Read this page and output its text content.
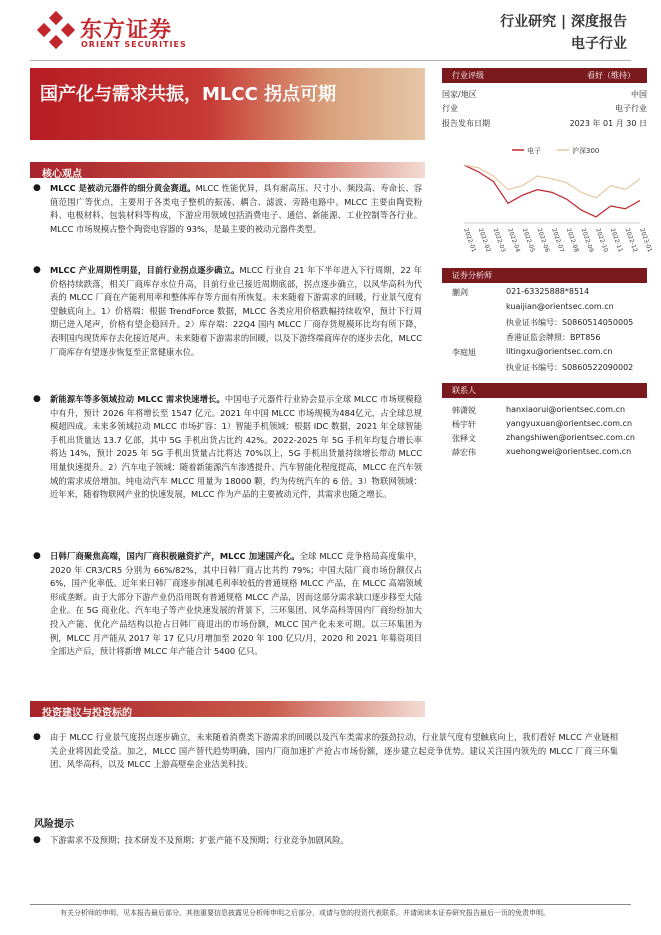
东方证券
ORIENT SECURITIES
行业研究 | 深度报告
电子行业
国产化与需求共振，MLCC 拐点可期
行业评级	看好（维持）
国家/地区	中国
行业	电子行业
报告发布日期	2023 年 01 月 30 日
电子	沪深300
2022-01 2022-02 2022-03 2022-04 2022-05 2022-06 2022-07 2022-08 2022-09 2022-10 2022-11 2022-12 2023-01
证券分析师
蒯剑	021-63325888*8514
kuaijian@orientsec.com.cn
执业证书编号：S0860514050005
香港证监会牌照：BPT856
李庭旭	litingxu@orientsec.com.cn
执业证书编号：S0860522090002
联系人
韩潇锐	hanxiaorui@orientsec.com.cn
杨宇轩	yangyuxuan@orientsec.com.cn
张释文	zhangshiwen@orientsec.com.cn
薛宏伟	xuehongwei@orientsec.com.cn
核心观点
● MLCC 是被动元器件的细分黄金赛道。MLCC 性能优异，具有耐高压、尺寸小、频段高、寿命长、容值范围广等优点，主要用于各类电子整机的振荡、耦合、滤波、旁路电路中。MLCC 主要由陶瓷粉料、电极材料、包装材料等构成，下游应用领域包括消费电子、通信、新能源、工业控制等各行业。MLCC 市场规模占整个陶瓷电容器的 93%，是最主要的被动元器件类型。
● MLCC 产业周期性明显，目前行业拐点逐步确立。MLCC 行业自 21 年下半年进入下行周期，22 年价格持续跌落，相关厂商库存水位升高，目前行业已接近周期底部，拐点逐步确立，以风华高科为代表的 MLCC 厂商在产能利用率和整体库存等方面有所恢复。未来随着下游需求的回暖，行业景气度有望触底向上。1）价格端：根据 TrendForce 数据，MLCC 各类应用价格跌幅持续收窄，预计下行周期已进入尾声，价格有望企稳回升。2）库存端：22Q4 国内 MLCC 厂商存货规模环比均有所下降，表明国内现货库存去化接近尾声。未来随着下游需求的回暖，以及下游终端商库存的逐步去化，MLCC 厂商库存有望逐步恢复至正常健康水位。
● 新能源车等多领域拉动 MLCC 需求快速增长。中国电子元器件行业协会显示全球 MLCC 市场规模稳中有升，预计 2026 年将增长至 1547 亿元。2021 年中国 MLCC 市场规模为484亿元，占全球总规模超四成。未来多领域拉动 MLCC 市场扩容：1）智能手机领域：根据 IDC 数据，2021 年全球智能手机出货量达 13.7 亿部，其中 5G 手机出货占比约 42%。2022-2025 年 5G 手机年均复合增长率将达 14%，预计 2025 年 5G 手机出货量占比将达 70%以上，5G 手机出货量持续增长带动 MLCC 用量快速提升。2）汽车电子领域：随着新能源汽车渗透提升、汽车智能化程度提高，MLCC 在汽车领域的需求成倍增加。纯电动汽车 MLCC 用量为 18000 颗，约为传统汽车的 6 倍。3）物联网领域：近年来，随着物联网产业的快速发展，MLCC 作为产品的主要被动元件，其需求也随之增长。
● 日韩厂商聚焦高端，国内厂商积极融资扩产，MLCC 加速国产化。全球 MLCC 竞争格局高度集中，2020 年 CR3/CR5 分别为 66%/82%，其中日韩厂商占比共约 79%；中国大陆厂商市场份额仅占 6%，国产化率低。近年来日韩厂商逐步削减毛利率较低的普通规格 MLCC 产品，在 MLCC 高端领域形成垄断。由于大部分下游产业仍沿用既有普通规格 MLCC 产品，因而这部分需求缺口逐步移至大陆企业。在 5G 商业化、汽车电子等产业快速发展的背景下，三环集团、风华高科等国内厂商纷纷加大投入产能、优化产品结构以抢占日韩厂商退出的市场份额，MLCC 国产化未来可期。以三环集团为例，MLCC 月产能从 2017 年 17 亿只/月增加至 2020 年 100 亿只/月，2020 和 2021 年募资项目全部达产后，预计将新增 MLCC 年产能合计 5400 亿只。
投资建议与投资标的
● 由于 MLCC 行业景气度拐点逐步确立，未来随着消费类下游需求的回暖以及汽车类需求的强劲拉动，行业景气度有望触底向上，我们看好 MLCC 产业链相关企业将因此受益。加之，MLCC 国产替代趋势明确，国内厂商加速扩产抢占市场份额，逐步建立起竞争优势。建议关注国内领先的 MLCC 厂商三环集团、风华高科，以及 MLCC 上游高壁垒企业洁美科技。
风险提示
● 下游需求不及预期；技术研发不及预期；扩张产能不及预期；行业竞争加剧风险。
有关分析师的申明，见本报告最后部分。其他重要信息披露见分析师申明之后部分，或请与您的投资代表联系。并请阅读本证券研究报告最后一页的免责申明。
